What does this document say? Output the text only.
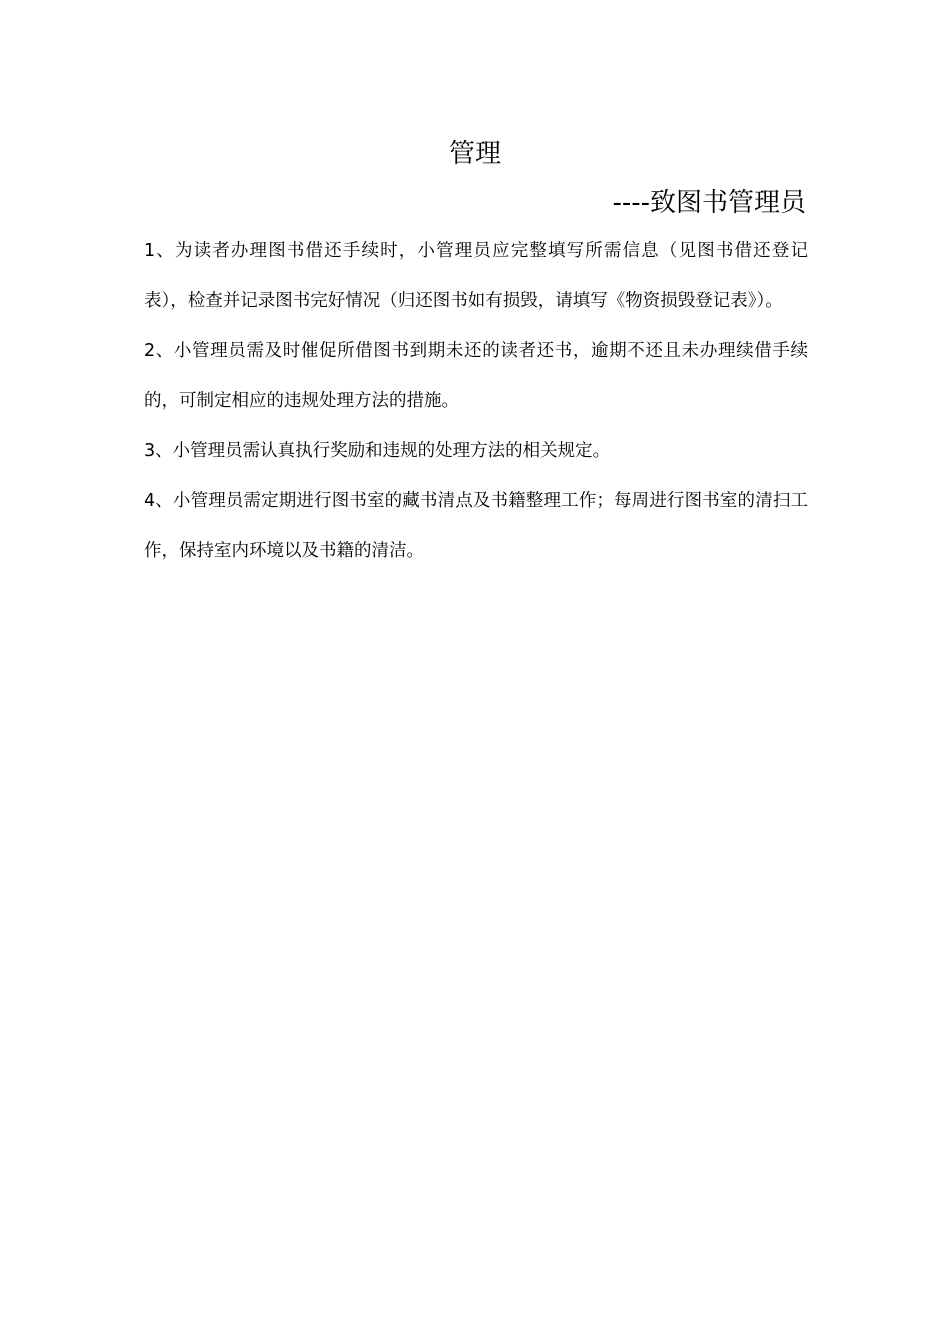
管理
----致图书管理员

1、为读者办理图书借还手续时，小管理员应完整填写所需信息（见图书借还登记表），检查并记录图书完好情况（归还图书如有损毁，请填写《物资损毁登记表》）。

2、小管理员需及时催促所借图书到期未还的读者还书，逾期不还且未办理续借手续的，可制定相应的违规处理方法的措施。

3、小管理员需认真执行奖励和违规的处理方法的相关规定。

4、小管理员需定期进行图书室的藏书清点及书籍整理工作；每周进行图书室的清扫工作，保持室内环境以及书籍的清洁。
